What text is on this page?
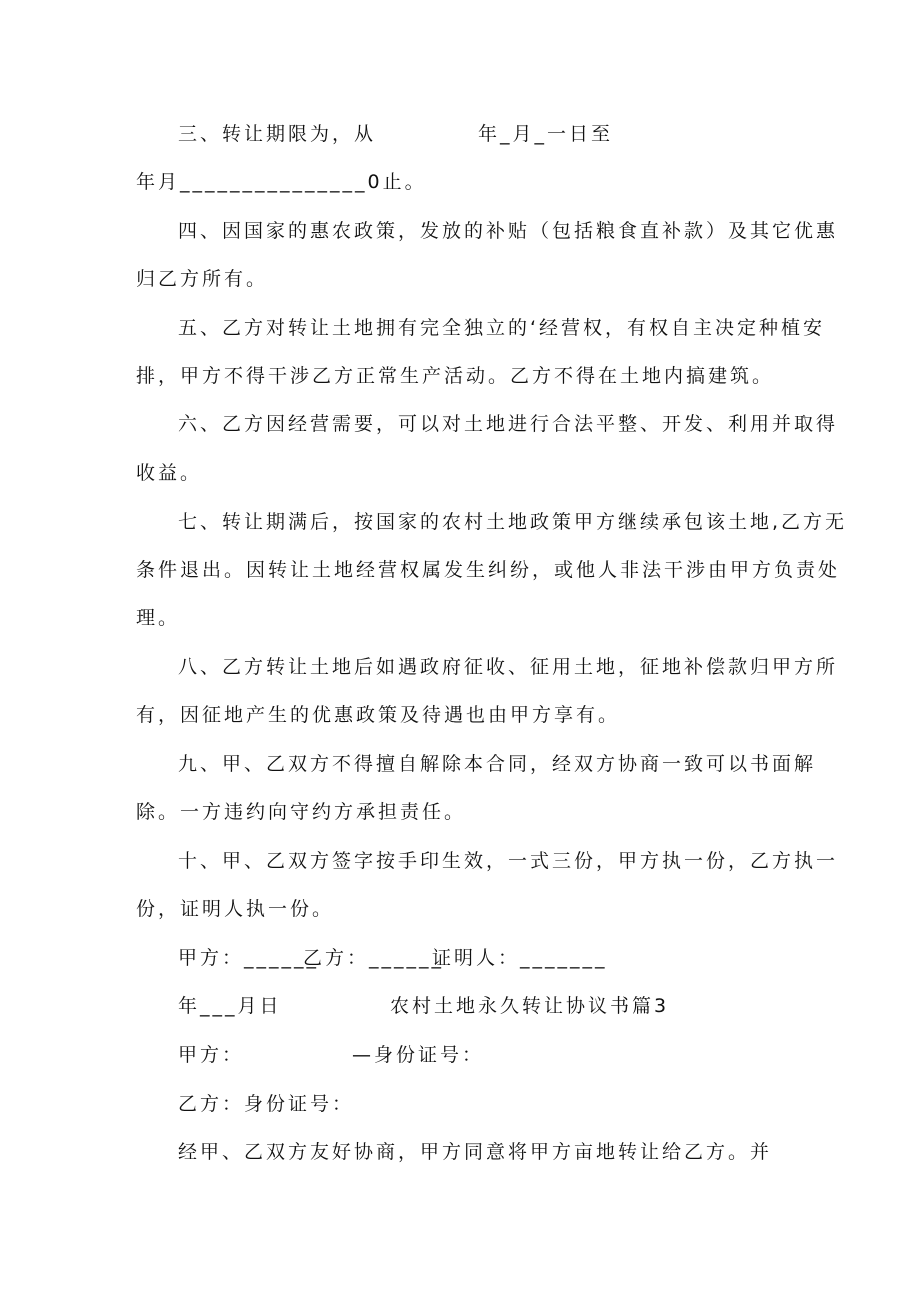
三、转让期限为，从	年_月_一日至
年月_______________0止。
四、因国家的惠农政策，发放的补贴（包括粮食直补款）及其它优惠
归乙方所有。
五、乙方对转让土地拥有完全独立的‘经营权，有权自主决定种植安
排，甲方不得干涉乙方正常生产活动。乙方不得在土地内搞建筑。
六、乙方因经营需要，可以对土地进行合法平整、开发、利用并取得
收益。
七、转让期满后，按国家的农村土地政策甲方继续承包该土地,乙方无
条件退出。因转让土地经营权属发生纠纷，或他人非法干涉由甲方负责处
理。
八、乙方转让土地后如遇政府征收、征用土地，征地补偿款归甲方所
有，因征地产生的优惠政策及待遇也由甲方享有。
九、甲、乙双方不得擅自解除本合同，经双方协商一致可以书面解
除。一方违约向守约方承担责任。
十、甲、乙双方签字按手印生效，一式三份，甲方执一份，乙方执一
份，证明人执一份。
甲方：______
乙方：______
证明人：_______
年___月日	农村土地永久转让协议书篇3
甲方：	—身份证号：
乙方：身份证号：
经甲、乙双方友好协商，甲方同意将甲方亩地转让给乙方。并
